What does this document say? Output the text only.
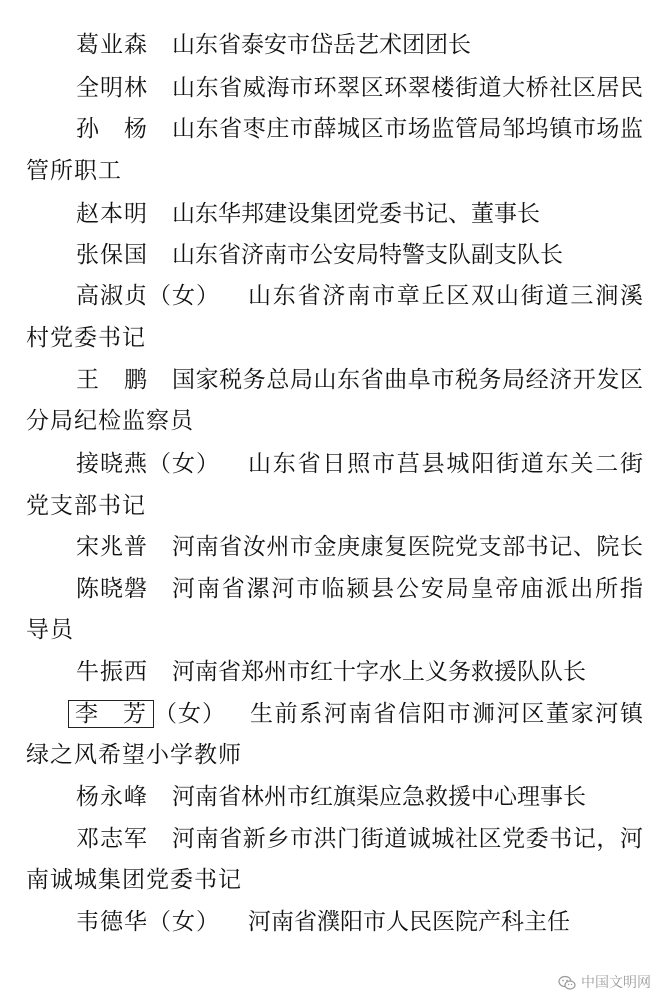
葛业森 山东省泰安市岱岳艺术团团长
全明林 山东省威海市环翠区环翠楼街道大桥社区居民
孙　杨 山东省枣庄市薛城区市场监管局邹坞镇市场监
管所职工
赵本明 山东华邦建设集团党委书记、董事长
张保国 山东省济南市公安局特警支队副支队长
高淑贞（女） 山东省济南市章丘区双山街道三涧溪
村党委书记
王　鹏 国家税务总局山东省曲阜市税务局经济开发区
分局纪检监察员
接晓燕（女） 山东省日照市莒县城阳街道东关二街
党支部书记
宋兆普 河南省汝州市金庚康复医院党支部书记、院长
陈晓磐 河南省漯河市临颍县公安局皇帝庙派出所指
导员
牛振西 河南省郑州市红十字水上义务救援队队长
李　芳 （女） 生前系河南省信阳市浉河区董家河镇
绿之风希望小学教师
杨永峰 河南省林州市红旗渠应急救援中心理事长
邓志军 河南省新乡市洪门街道诚城社区党委书记，河
南诚城集团党委书记
韦德华（女） 河南省濮阳市人民医院产科主任
中国文明网
